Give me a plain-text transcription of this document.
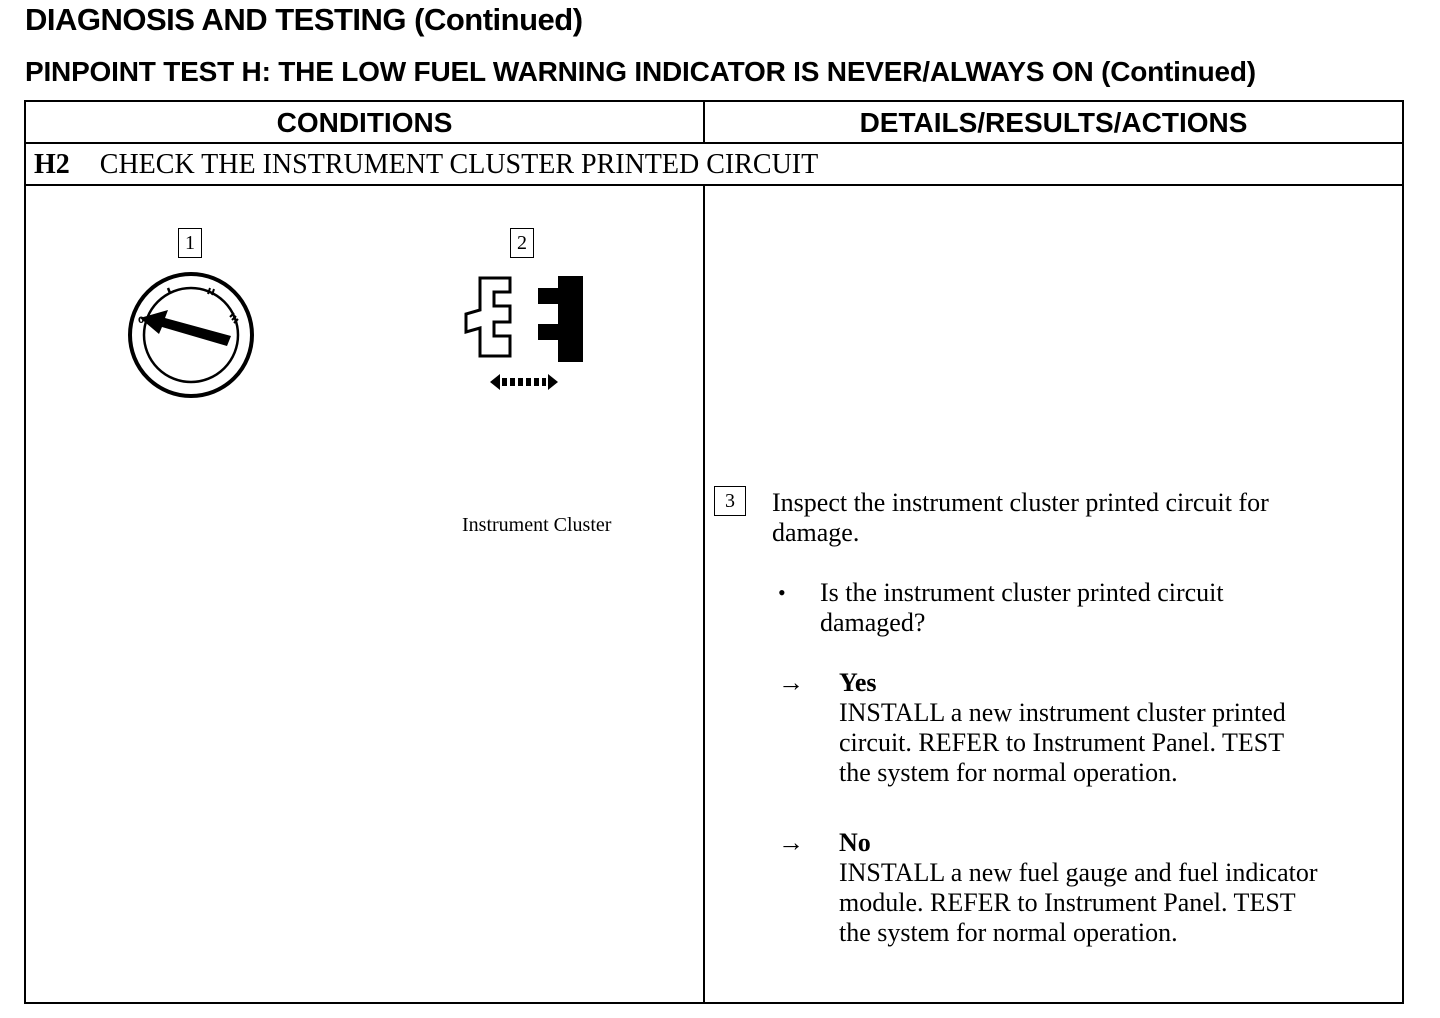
DIAGNOSIS AND TESTING (Continued)
PINPOINT TEST H: THE LOW FUEL WARNING INDICATOR IS NEVER/ALWAYS ON (Continued)
CONDITIONS	DETAILS/RESULTS/ACTIONS
H2 CHECK THE INSTRUMENT CLUSTER PRINTED CIRCUIT
1
0
2
Instrument Cluster
3	Inspect the instrument cluster printed circuit for
damage.
• Is the instrument cluster printed circuit
damaged?
→ Yes
INSTALL a new instrument cluster printed
circuit. REFER to Instrument Panel. TEST
the system for normal operation.
→ No
INSTALL a new fuel gauge and fuel indicator
module. REFER to Instrument Panel. TEST
the system for normal operation.
